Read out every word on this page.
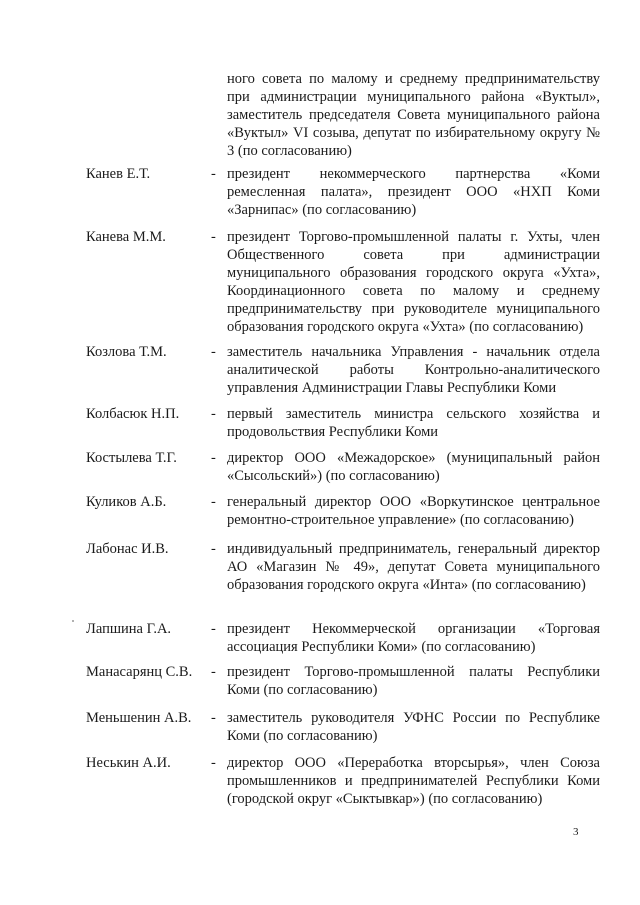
ного совета по малому и среднему предпринимательству при администрации муниципального района «Вуктыл», заместитель председателя Совета муниципального района «Вуктыл» VI созыва, депутат по избирательному округу № 3 (по согласованию)
Канев Е.Т.	- президент некоммерческого партнерства «Коми ремесленная палата», президент ООО «НХП Коми «Зарнипас» (по согласованию)
Канева М.М.	- президент Торгово-промышленной палаты г. Ухты, член Общественного совета при администрации муниципального образования городского округа «Ухта», Координационного совета по малому и среднему предпринимательству при руководителе муниципального образования городского округа «Ухта» (по согласованию)
Козлова Т.М.	- заместитель начальника Управления - начальник отдела аналитической работы Контрольно-аналитического управления Администрации Главы Республики Коми
Колбасюк Н.П.	- первый заместитель министра сельского хозяйства и продовольствия Республики Коми
Костылева Т.Г.	- директор ООО «Межадорское» (муниципальный район «Сысольский») (по согласованию)
Куликов А.Б.	- генеральный директор ООО «Воркутинское центральное ремонтно-строительное управление» (по согласованию)
Лабонас И.В.	- индивидуальный предприниматель, генеральный директор АО «Магазин № 49», депутат Совета муниципального образования городского округа «Инта» (по согласованию)
Лапшина Г.А.	- президент Некоммерческой организации «Торговая ассоциация Республики Коми» (по согласованию)
Манасарянц С.В.	- президент Торгово-промышленной палаты Республики Коми (по согласованию)
Меньшенин А.В.	- заместитель руководителя УФНС России по Республике Коми (по согласованию)
Неськин А.И.	- директор ООО «Переработка вторсырья», член Союза промышленников и предпринимателей Республики Коми (городской округ «Сыктывкар») (по согласованию)
3
